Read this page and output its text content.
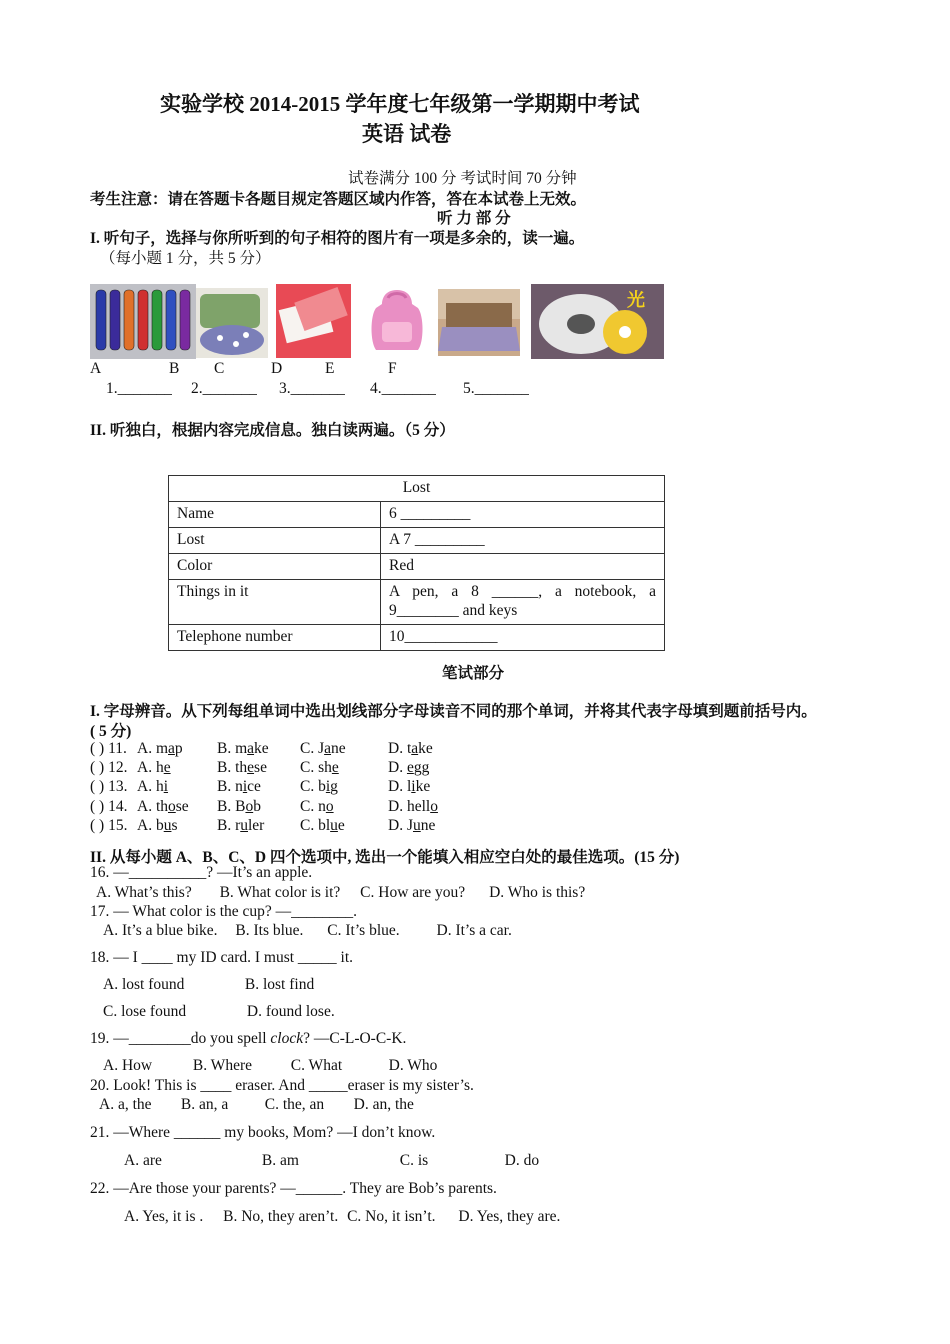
实验学校 2014-2015 学年度七年级第一学期期中考试
英语 试卷
试卷满分 100 分 考试时间 70 分钟
考生注意：请在答题卡各题目规定答题区域内作答，答在本试卷上无效。
听 力 部 分
I. 听句子，选择与你所听到的句子相符的图片有一项是多余的，读一遍。
（每小题 1 分，共 5 分）
光
A	B C	D	E	F
1._______ 2._______ 3._______ 4._______ 5._______
II. 听独白，根据内容完成信息。独白读两遍。（5 分）
Lost	
Name	6 _________
Lost	A 7 _________
Color	Red
Things in it	A pen, a 8 ______, a notebook, a 9________ and keys
Telephone number	10____________
笔试部分
I. 字母辨音。从下列每组单词中选出划线部分字母读音不同的那个单词，并将其代表字母填到题前括号内。
( 5 分)
( ) 11. A. map B. make C. Jane	D. take
( ) 12. A. he	B. these C. she	D. egg
( ) 13. A. hi	B. nice	C. big	D. like
( ) 14. A. those B. Bob	C. no	D. hello
( ) 15. A. bus	B. ruler C. blue	D. June
II. 从每小题 A、B、C、D 四个选项中, 选出一个能填入相应空白处的最佳选项。(15 分)
16. —__________? —It’s an apple.
A. What’s this? B. What color is it? C. How are you? D. Who is this?
17. — What color is the cup? —________.
A. It’s a blue bike. B. Its blue. C. It’s blue. D. It’s a car.
18. — I ____ my ID card. I must _____ it.
A. lost found	B. lost find
C. lose found	D. found lose.
19. —________do you spell clock? —C-L-O-C-K.
A. How	B. Where	C. What	D. Who
20. Look! This is ____ eraser. And _____eraser is my sister’s.
A. a, the B. an, a C. the, an D. an, the
21. —Where ______ my books, Mom? —I don’t know.
A. are	B. am	C. is	D. do
22. —Are those your parents? —______. They are Bob’s parents.
A. Yes, it is . B. No, they aren’t. C. No, it isn’t. D. Yes, they are.
